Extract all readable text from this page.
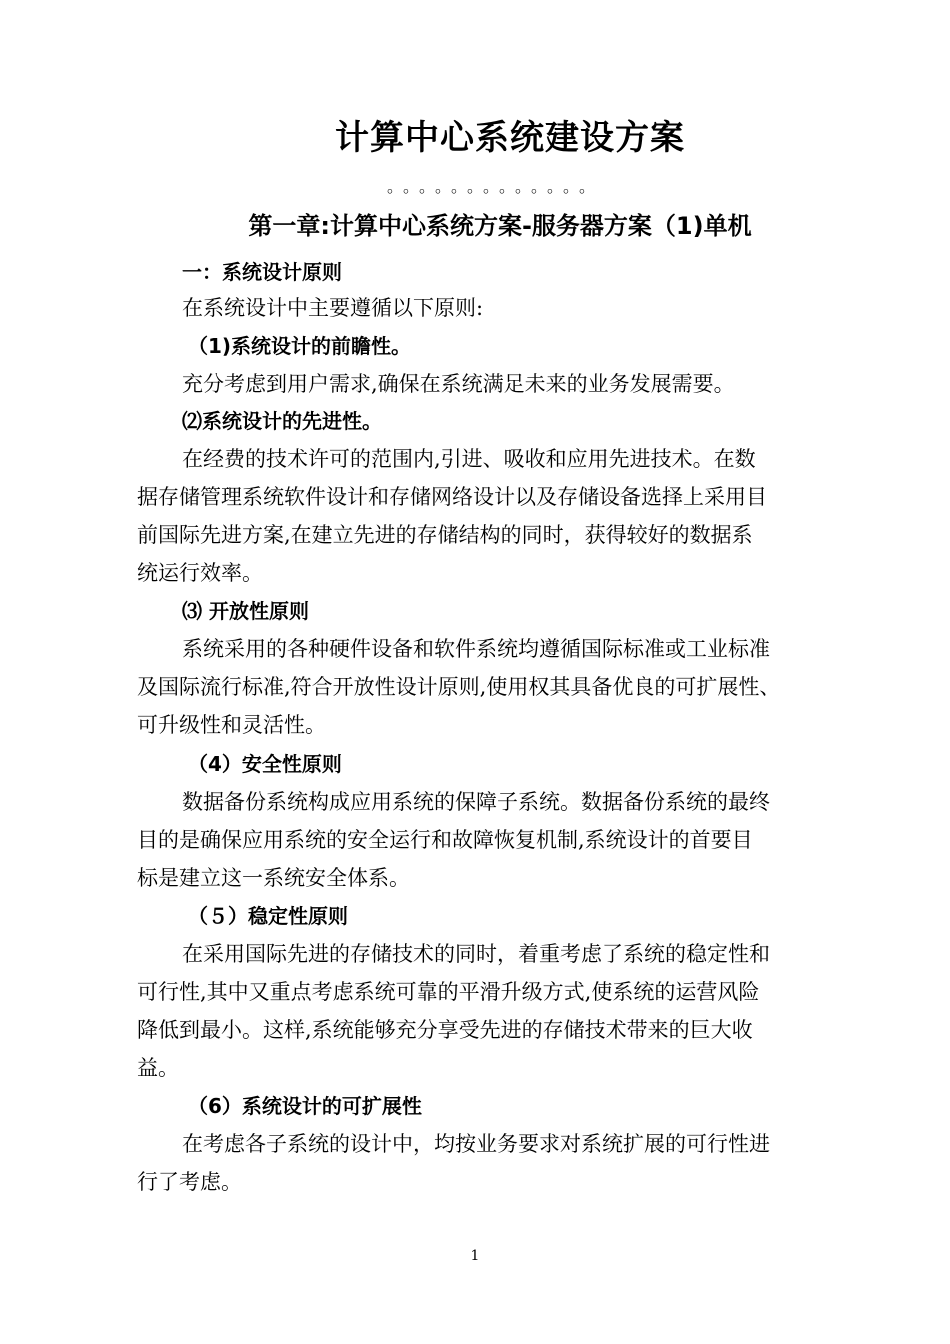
计算中心系统建设方案
。。。。。。。。。。。。。
第一章:计算中心系统方案-服务器方案（1)单机
一：系统设计原则
在系统设计中主要遵循以下原则:
（1)系统设计的前瞻性。
充分考虑到用户需求,确保在系统满足未来的业务发展需要。
⑵系统设计的先进性。
在经费的技术许可的范围内,引进、吸收和应用先进技术。在数
据存储管理系统软件设计和存储网络设计以及存储设备选择上采用目
前国际先进方案,在建立先进的存储结构的同时，获得较好的数据系
统运行效率。
⑶ 开放性原则
系统采用的各种硬件设备和软件系统均遵循国际标准或工业标准
及国际流行标准,符合开放性设计原则,使用权其具备优良的可扩展性、
可升级性和灵活性。
（4）安全性原则
数据备份系统构成应用系统的保障子系统。数据备份系统的最终
目的是确保应用系统的安全运行和故障恢复机制,系统设计的首要目
标是建立这一系统安全体系。
（５）稳定性原则
在采用国际先进的存储技术的同时，着重考虑了系统的稳定性和
可行性,其中又重点考虑系统可靠的平滑升级方式,使系统的运营风险
降低到最小。这样,系统能够充分享受先进的存储技术带来的巨大收
益。
（6）系统设计的可扩展性
在考虑各子系统的设计中，均按业务要求对系统扩展的可行性进
行了考虑。
1
